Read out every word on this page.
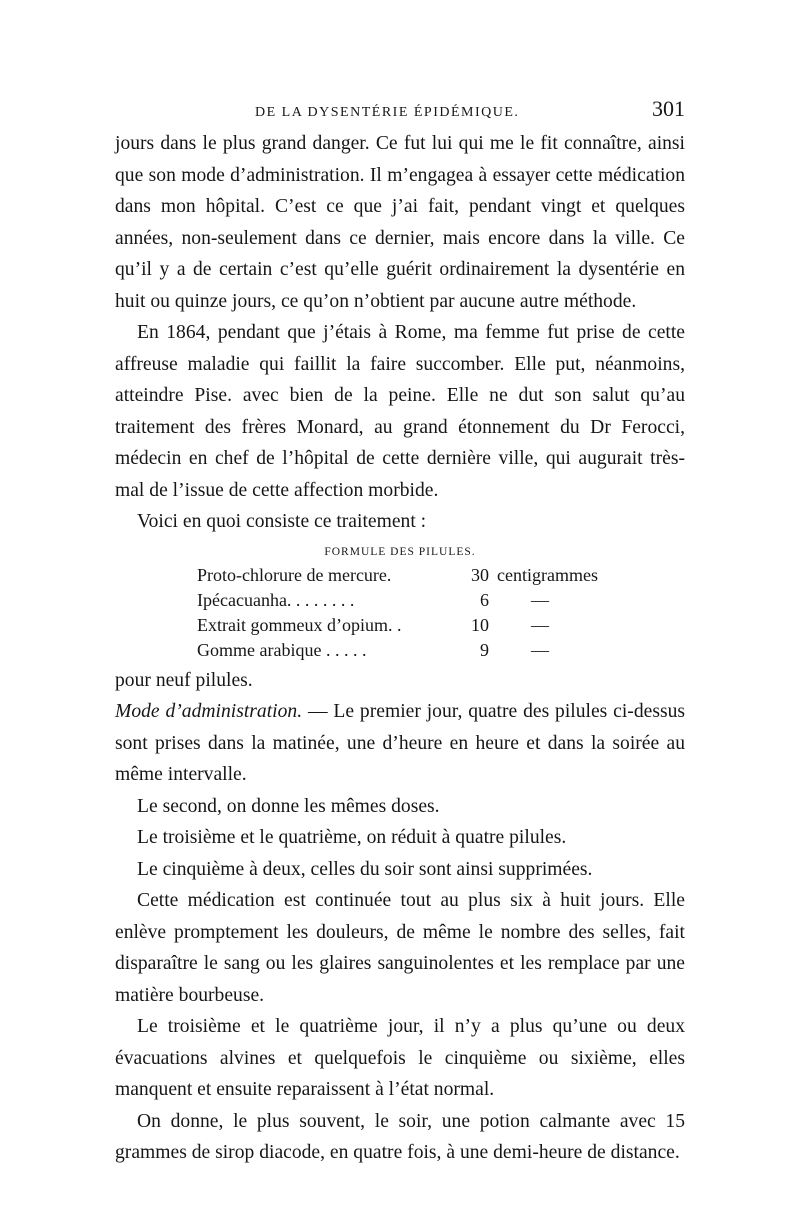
DE LA DYSENTÉRIE ÉPIDÉMIQUE.	301

jours dans le plus grand danger. Ce fut lui qui me le fit connaître, ainsi que son mode d’administration. Il m’engagea à essayer cette médication dans mon hôpital. C’est ce que j’ai fait, pendant vingt et quelques années, non-seulement dans ce dernier, mais encore dans la ville. Ce qu’il y a de certain c’est qu’elle guérit ordinairement la dysentérie en huit ou quinze jours, ce qu’on n’obtient par aucune autre méthode.

En 1864, pendant que j’étais à Rome, ma femme fut prise de cette affreuse maladie qui faillit la faire succomber. Elle put, néanmoins, atteindre Pise. avec bien de la peine. Elle ne dut son salut qu’au traitement des frères Monard, au grand étonnement du Dr Ferocci, médecin en chef de l’hôpital de cette dernière ville, qui augurait très-mal de l’issue de cette affection morbide.

Voici en quoi consiste ce traitement :

FORMULE DES PILULES.
Proto-chlorure de mercure.	30 centigrammes
Ipécacuanha. . . . . . . .	6	—
Extrait gommeux d’opium. .	10	—
Gomme arabique . . . . .	9	—

pour neuf pilules.

Mode d’administration. — Le premier jour, quatre des pilules ci-dessus sont prises dans la matinée, une d’heure en heure et dans la soirée au même intervalle.

Le second, on donne les mêmes doses.

Le troisième et le quatrième, on réduit à quatre pilules.

Le cinquième à deux, celles du soir sont ainsi supprimées.

Cette médication est continuée tout au plus six à huit jours. Elle enlève promptement les douleurs, de même le nombre des selles, fait disparaître le sang ou les glaires sanguinolentes et les remplace par une matière bourbeuse.

Le troisième et le quatrième jour, il n’y a plus qu’une ou deux évacuations alvines et quelquefois le cinquième ou sixième, elles manquent et ensuite reparaissent à l’état normal.

On donne, le plus souvent, le soir, une potion calmante avec 15 grammes de sirop diacode, en quatre fois, à une demi-heure de distance.
